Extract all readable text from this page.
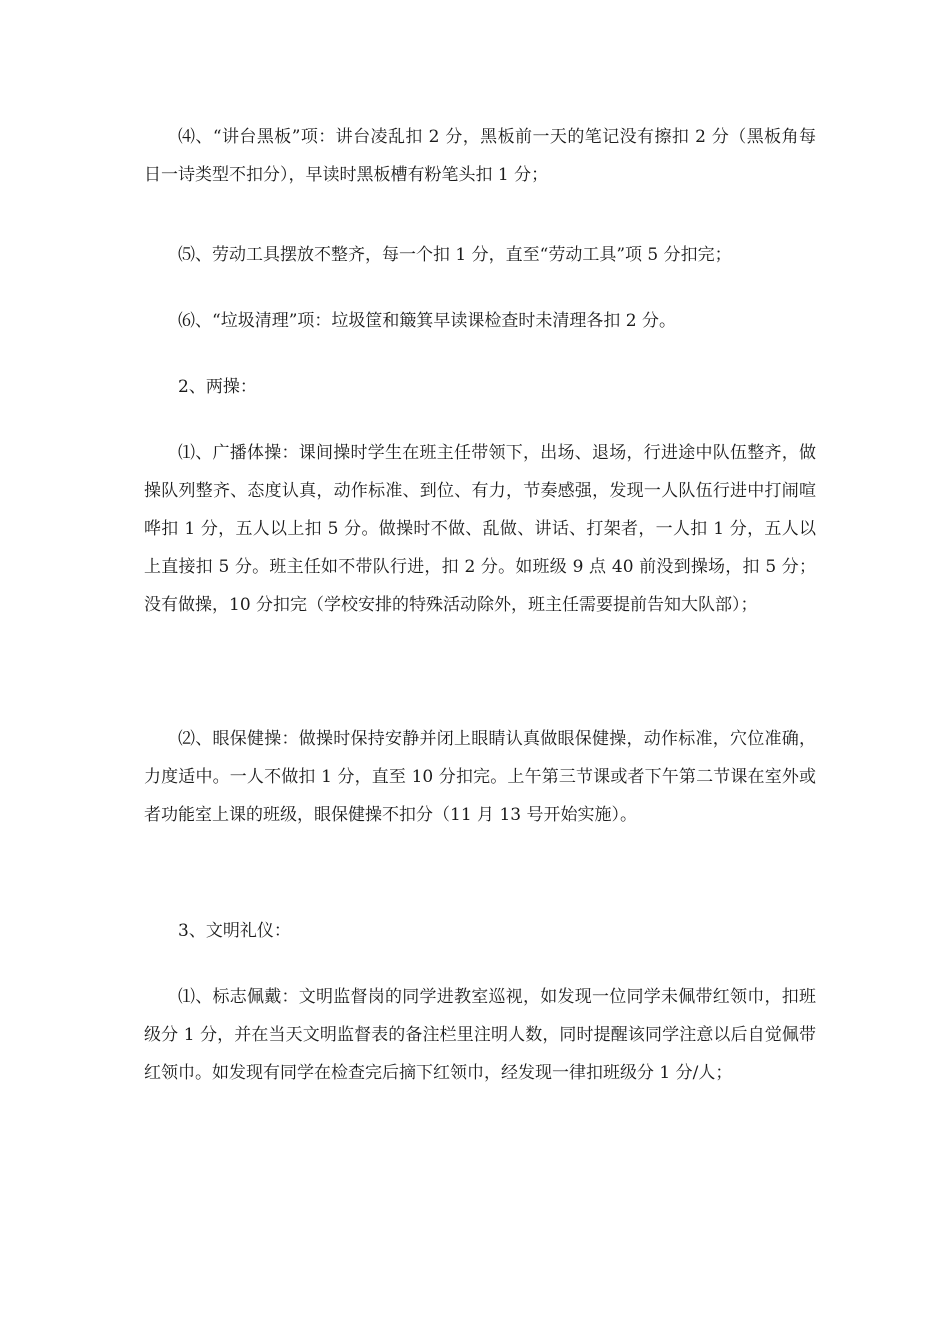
⑷、“讲台黑板”项：讲台凌乱扣 2 分，黑板前一天的笔记没有擦扣 2 分（黑板角每日一诗类型不扣分），早读时黑板槽有粉笔头扣 1 分；

⑸、劳动工具摆放不整齐，每一个扣 1 分，直至“劳动工具”项 5 分扣完；

⑹、“垃圾清理”项：垃圾筐和簸箕早读课检查时未清理各扣 2 分。

2、两操：

⑴、广播体操：课间操时学生在班主任带领下，出场、退场，行进途中队伍整齐，做操队列整齐、态度认真，动作标准、到位、有力，节奏感强，发现一人队伍行进中打闹喧哗扣 1 分，五人以上扣 5 分。做操时不做、乱做、讲话、打架者，一人扣 1 分，五人以上直接扣 5 分。班主任如不带队行进，扣 2 分。如班级 9 点 40 前没到操场，扣 5 分；没有做操，10 分扣完（学校安排的特殊活动除外，班主任需要提前告知大队部）；

⑵、眼保健操：做操时保持安静并闭上眼睛认真做眼保健操，动作标准，穴位准确，力度适中。一人不做扣 1 分，直至 10 分扣完。上午第三节课或者下午第二节课在室外或者功能室上课的班级，眼保健操不扣分（11 月 13 号开始实施）。

3、文明礼仪：

⑴、标志佩戴：文明监督岗的同学进教室巡视，如发现一位同学未佩带红领巾，扣班级分 1 分，并在当天文明监督表的备注栏里注明人数，同时提醒该同学注意以后自觉佩带红领巾。如发现有同学在检查完后摘下红领巾，经发现一律扣班级分 1 分/人；
